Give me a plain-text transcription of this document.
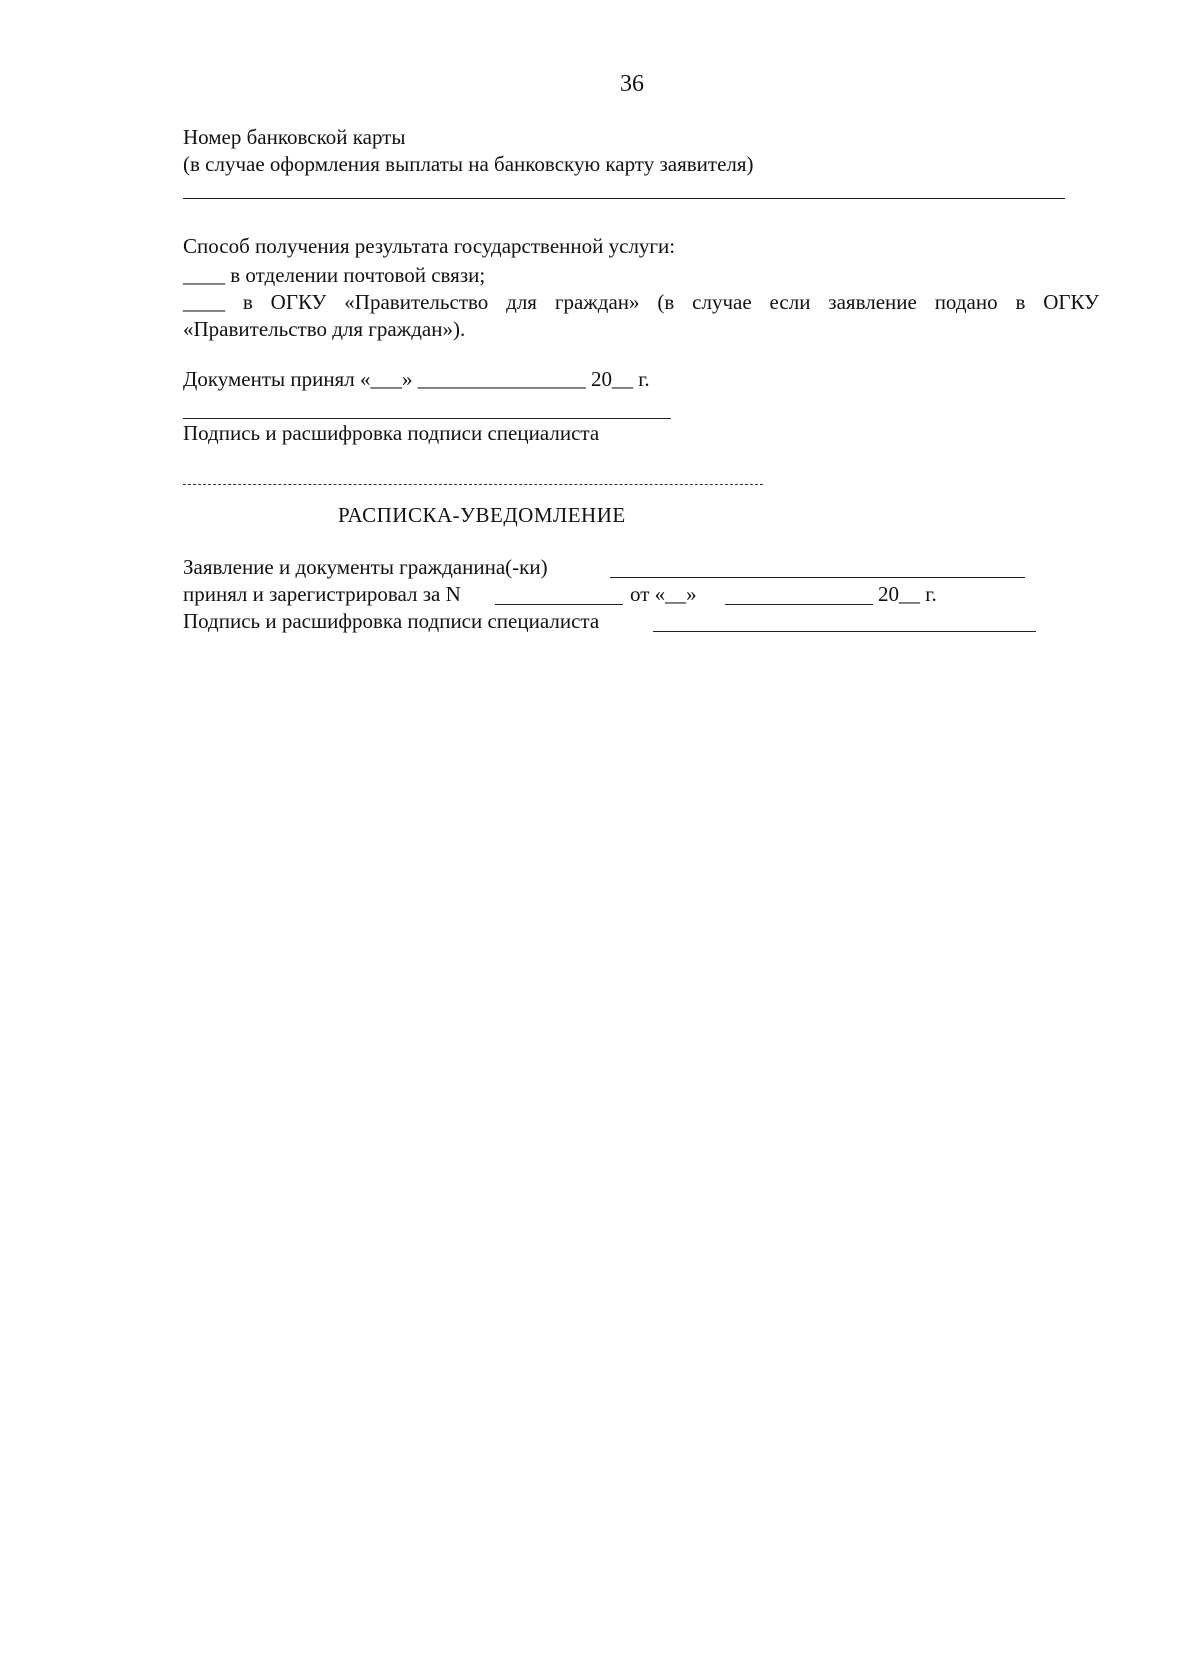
36
Номер банковской карты
(в случае оформления выплаты на банковскую карту заявителя)
Способ получения результата государственной услуги:
____ в отделении почтовой связи;
____ в ОГКУ «Правительство для граждан» (в случае если заявление подано в ОГКУ
«Правительство для граждан»).
Документы принял «___» ________________ 20__ г.
Подпись и расшифровка подписи специалиста
РАСПИСКА-УВЕДОМЛЕНИЕ
Заявление и документы гражданина(-ки)
принял и зарегистрировал за N	от «__»	20__ г.
Подпись и расшифровка подписи специалиста
